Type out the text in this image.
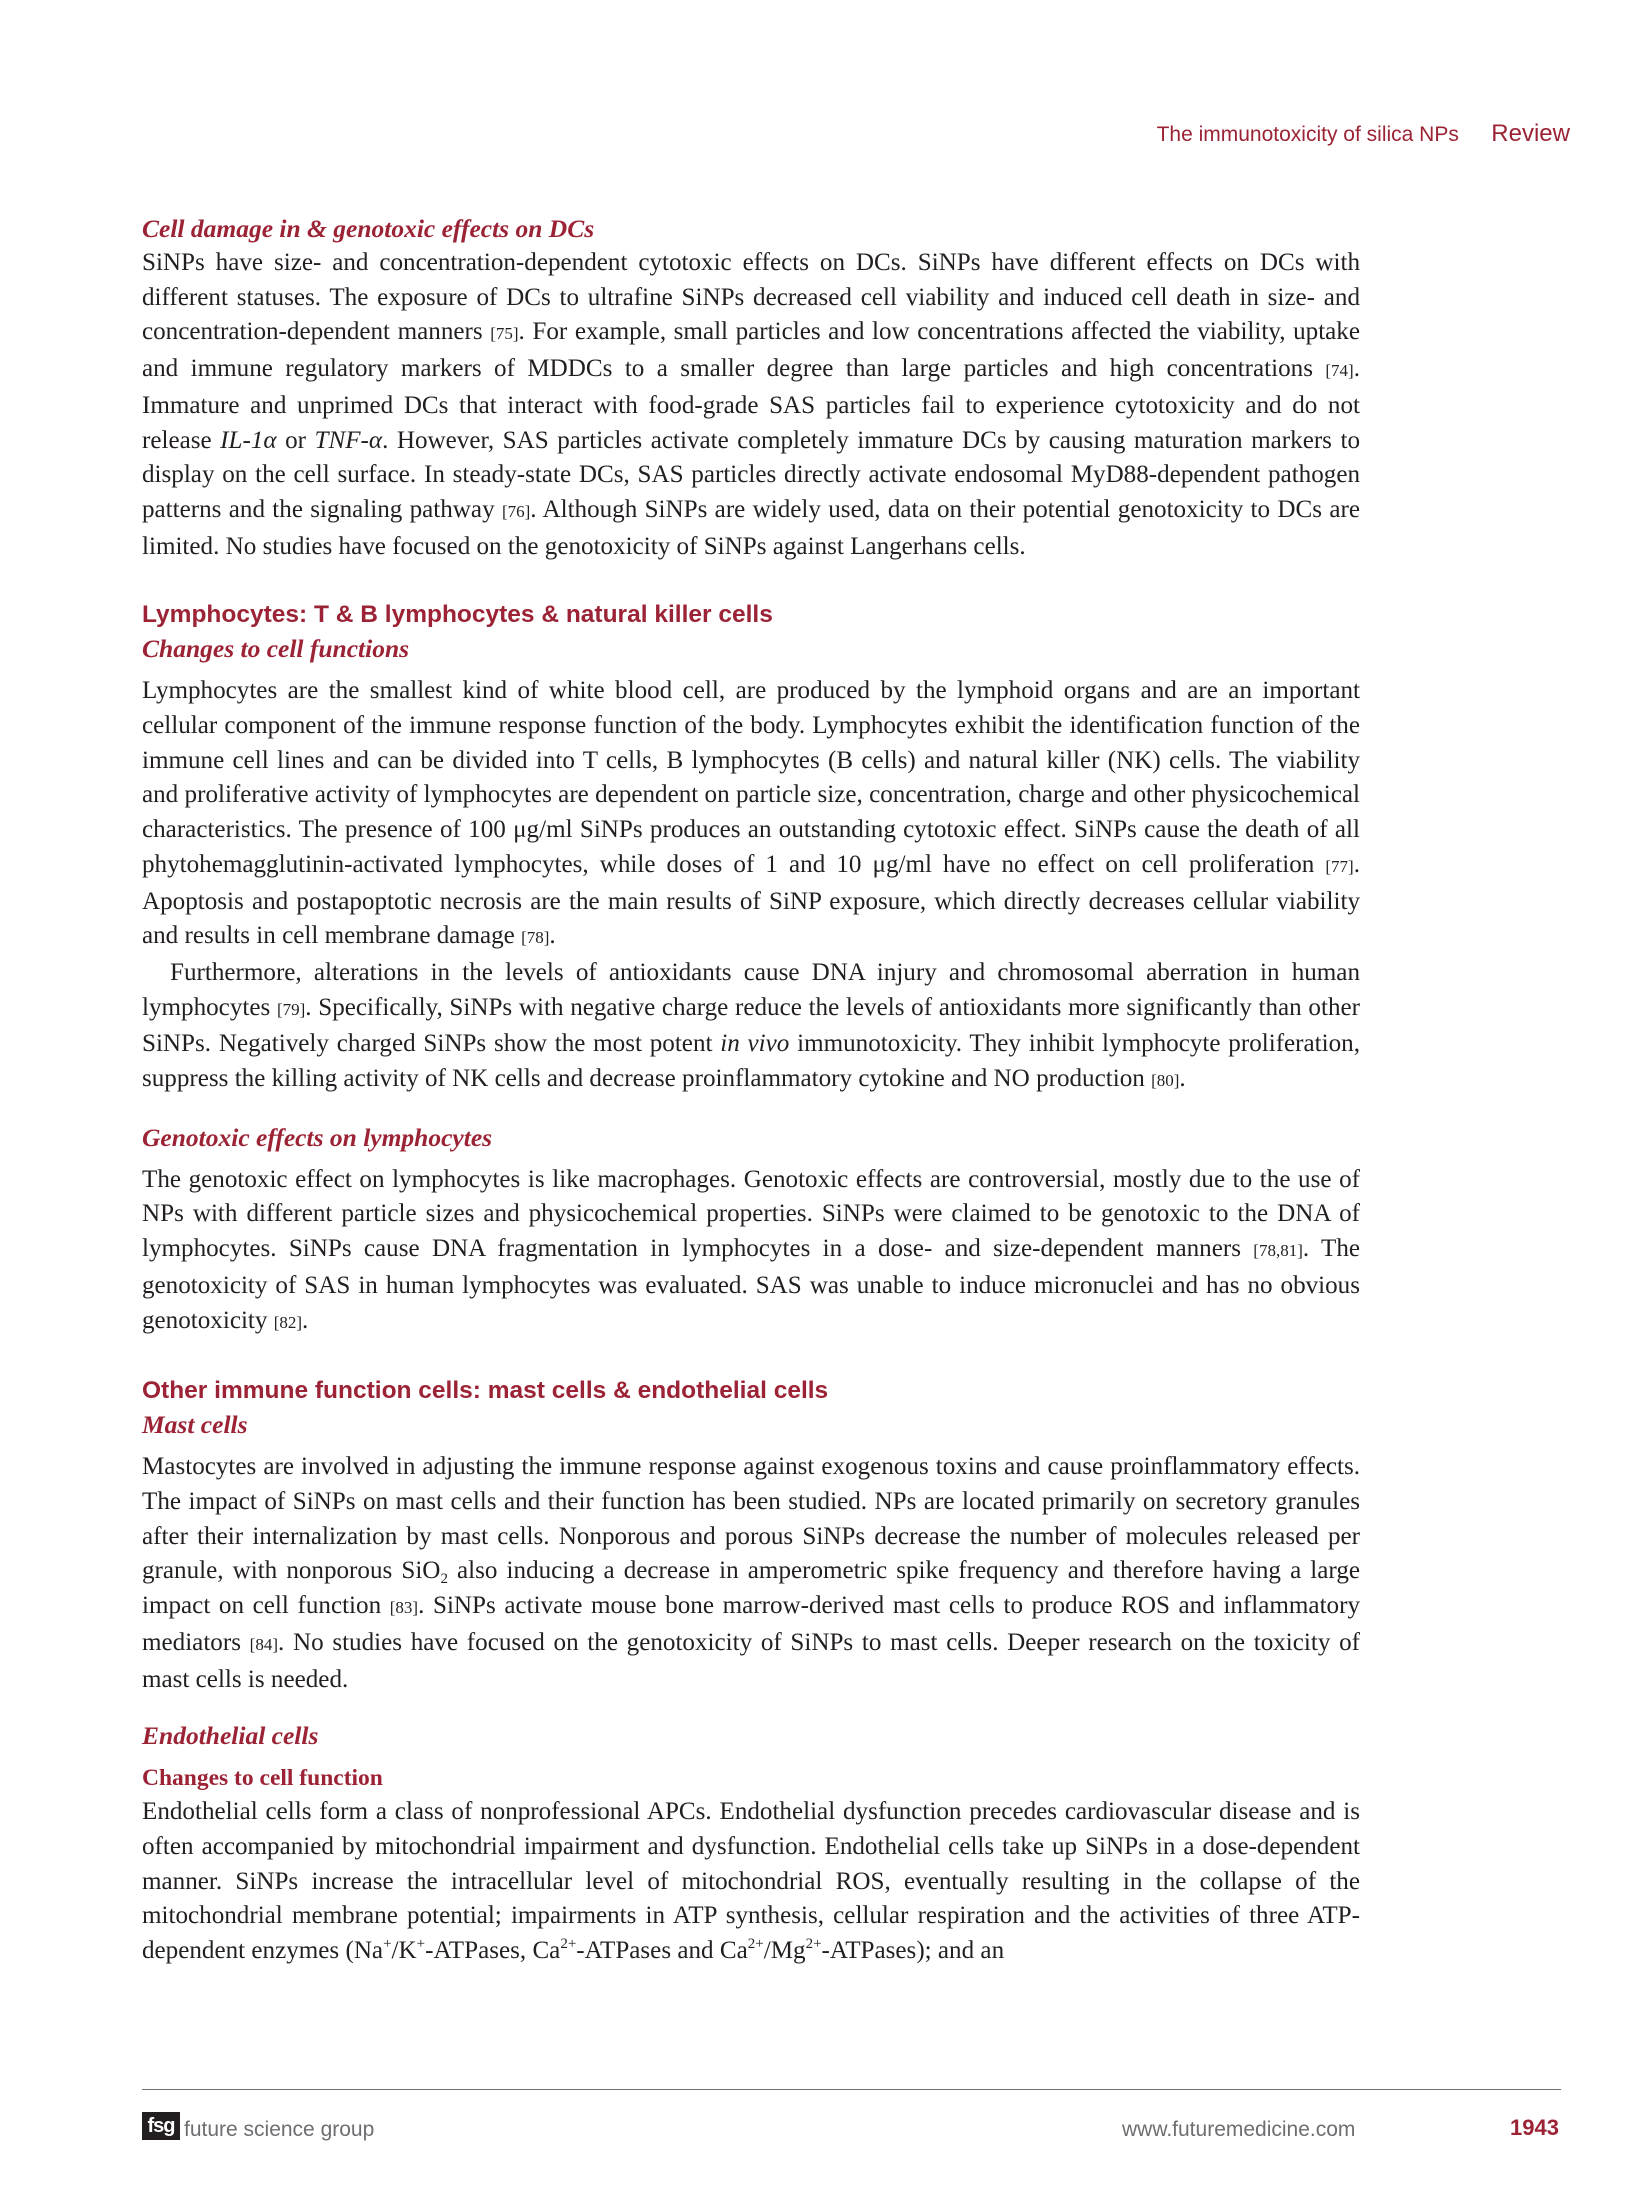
The immunotoxicity of silica NPs Review
Cell damage in & genotoxic effects on DCs

SiNPs have size- and concentration-dependent cytotoxic effects on DCs. SiNPs have different effects on DCs with different statuses. The exposure of DCs to ultrafine SiNPs decreased cell viability and induced cell death in size- and concentration-dependent manners [75]. For example, small particles and low concentrations affected the viability, uptake and immune regulatory markers of MDDCs to a smaller degree than large particles and high concentrations [74]. Immature and unprimed DCs that interact with food-grade SAS particles fail to experience cytotoxicity and do not release IL-1α or TNF-α. However, SAS particles activate completely immature DCs by causing maturation markers to display on the cell surface. In steady-state DCs, SAS particles directly activate endosomal MyD88-dependent pathogen patterns and the signaling pathway [76]. Although SiNPs are widely used, data on their potential genotoxicity to DCs are limited. No studies have focused on the genotoxicity of SiNPs against Langerhans cells.

Lymphocytes: T & B lymphocytes & natural killer cells
Changes to cell functions

Lymphocytes are the smallest kind of white blood cell, are produced by the lymphoid organs and are an important cellular component of the immune response function of the body. Lymphocytes exhibit the identification function of the immune cell lines and can be divided into T cells, B lymphocytes (B cells) and natural killer (NK) cells. The viability and proliferative activity of lymphocytes are dependent on particle size, concentration, charge and other physicochemical characteristics. The presence of 100 μg/ml SiNPs produces an outstanding cytotoxic effect. SiNPs cause the death of all phytohemagglutinin-activated lymphocytes, while doses of 1 and 10 μg/ml have no effect on cell proliferation [77]. Apoptosis and postapoptotic necrosis are the main results of SiNP exposure, which directly decreases cellular viability and results in cell membrane damage [78].

Furthermore, alterations in the levels of antioxidants cause DNA injury and chromosomal aberration in human lymphocytes [79]. Specifically, SiNPs with negative charge reduce the levels of antioxidants more significantly than other SiNPs. Negatively charged SiNPs show the most potent in vivo immunotoxicity. They inhibit lymphocyte proliferation, suppress the killing activity of NK cells and decrease proinflammatory cytokine and NO production [80].

Genotoxic effects on lymphocytes

The genotoxic effect on lymphocytes is like macrophages. Genotoxic effects are controversial, mostly due to the use of NPs with different particle sizes and physicochemical properties. SiNPs were claimed to be genotoxic to the DNA of lymphocytes. SiNPs cause DNA fragmentation in lymphocytes in a dose- and size-dependent manners [78,81]. The genotoxicity of SAS in human lymphocytes was evaluated. SAS was unable to induce micronuclei and has no obvious genotoxicity [82].

Other immune function cells: mast cells & endothelial cells
Mast cells

Mastocytes are involved in adjusting the immune response against exogenous toxins and cause proinflammatory effects. The impact of SiNPs on mast cells and their function has been studied. NPs are located primarily on secretory granules after their internalization by mast cells. Nonporous and porous SiNPs decrease the number of molecules released per granule, with nonporous SiO$_2$ also inducing a decrease in amperometric spike frequency and therefore having a large impact on cell function [83]. SiNPs activate mouse bone marrow-derived mast cells to produce ROS and inflammatory mediators [84]. No studies have focused on the genotoxicity of SiNPs to mast cells. Deeper research on the toxicity of mast cells is needed.

Endothelial cells
Changes to cell function

Endothelial cells form a class of nonprofessional APCs. Endothelial dysfunction precedes cardiovascular disease and is often accompanied by mitochondrial impairment and dysfunction. Endothelial cells take up SiNPs in a dose-dependent manner. SiNPs increase the intracellular level of mitochondrial ROS, eventually resulting in the collapse of the mitochondrial membrane potential; impairments in ATP synthesis, cellular respiration and the activities of three ATP-dependent enzymes (Na+/K+-ATPases, $Ca^{2+}$-ATPases and $Ca^{2+}/Mg^{2+}-ATPases$); and an

fsg future science group	www.futuremedicine.com	1943
